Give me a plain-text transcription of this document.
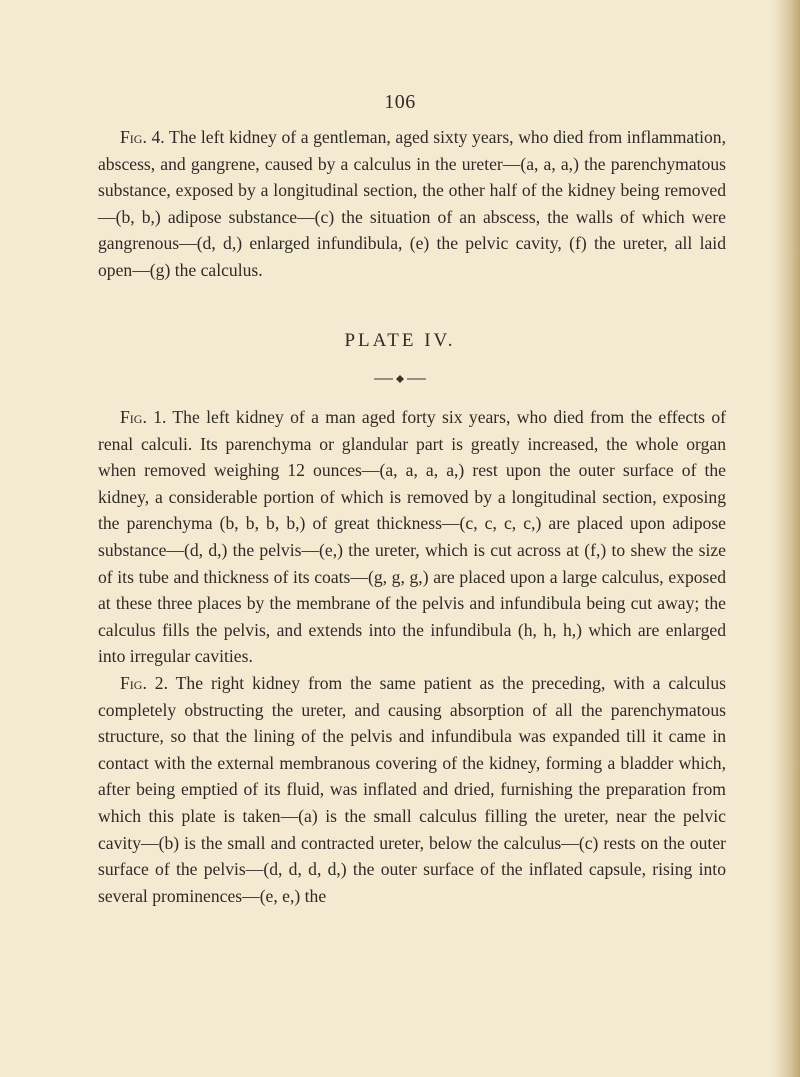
106

Fig. 4. The left kidney of a gentleman, aged sixty years, who died from inflammation, abscess, and gangrene, caused by a calculus in the ureter—(a, a, a,) the parenchymatous substance, exposed by a longitudinal section, the other half of the kidney being removed—(b, b,) adipose substance—(c) the situation of an abscess, the walls of which were gangrenous—(d, d,) enlarged infundibula, (e) the pelvic cavity, (f) the ureter, all laid open—(g) the calculus.

PLATE IV.

Fig. 1. The left kidney of a man aged forty six years, who died from the effects of renal calculi. Its parenchyma or glandular part is greatly increased, the whole organ when removed weighing 12 ounces—(a, a, a, a,) rest upon the outer surface of the kidney, a considerable portion of which is removed by a longitudinal section, exposing the parenchyma (b, b, b, b,) of great thickness—(c, c, c, c,) are placed upon adipose substance—(d, d,) the pelvis—(e,) the ureter, which is cut across at (f,) to shew the size of its tube and thickness of its coats—(g, g, g,) are placed upon a large calculus, exposed at these three places by the membrane of the pelvis and infundibula being cut away; the calculus fills the pelvis, and extends into the infundibula (h, h, h,) which are enlarged into irregular cavities.

Fig. 2. The right kidney from the same patient as the preceding, with a calculus completely obstructing the ureter, and causing absorption of all the parenchymatous structure, so that the lining of the pelvis and infundibula was expanded till it came in contact with the external membranous covering of the kidney, forming a bladder which, after being emptied of its fluid, was inflated and dried, furnishing the preparation from which this plate is taken—(a) is the small calculus filling the ureter, near the pelvic cavity—(b) is the small and contracted ureter, below the calculus—(c) rests on the outer surface of the pelvis—(d, d, d, d,) the outer surface of the inflated capsule, rising into several prominences—(e, e,) the
